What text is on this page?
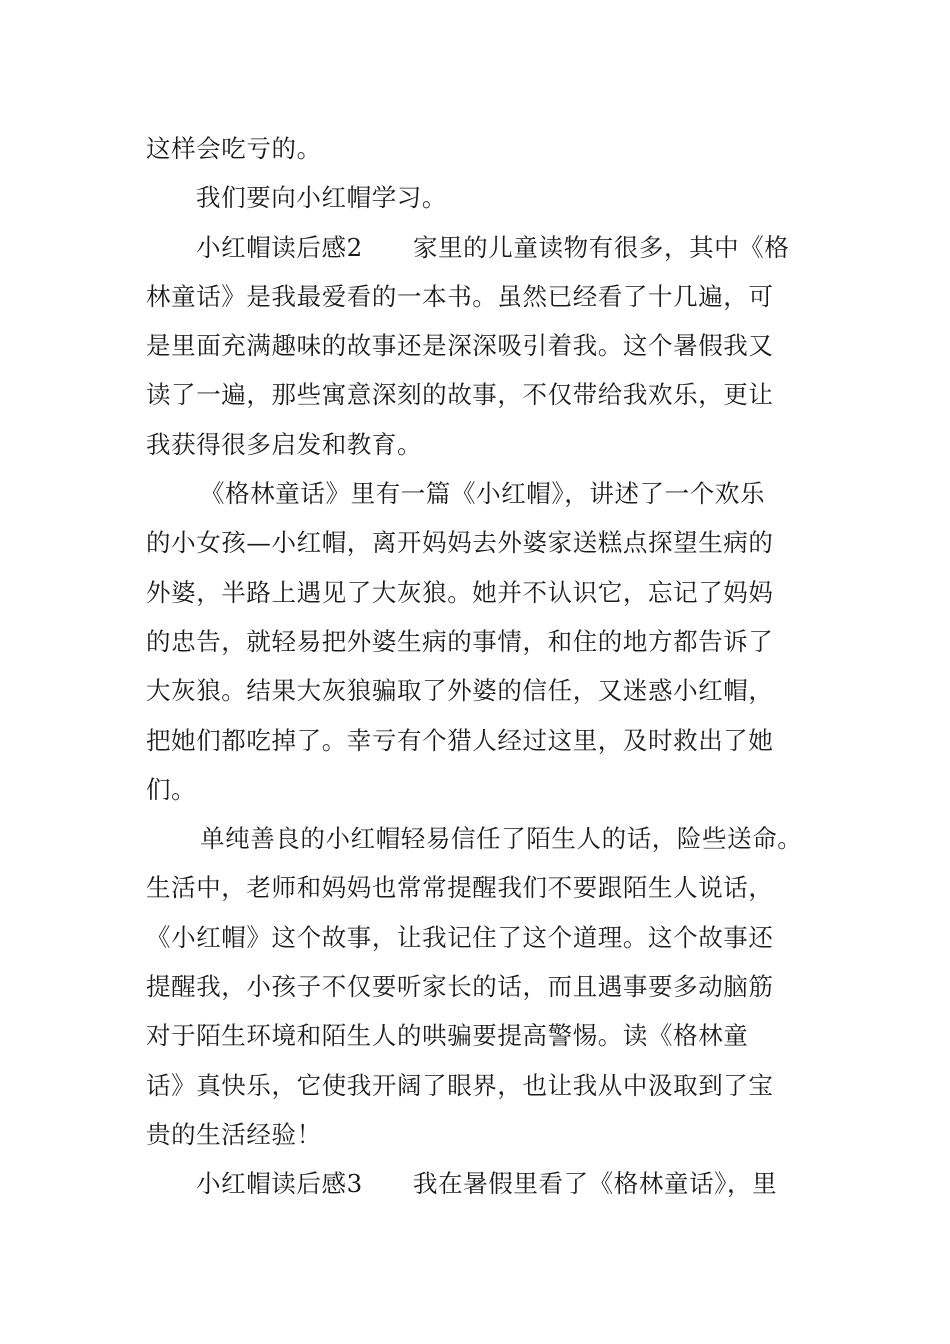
这样会吃亏的。
我们要向小红帽学习。
小红帽读后感2　　家里的儿童读物有很多，其中《格
林童话》是我最爱看的一本书。虽然已经看了十几遍，可
是里面充满趣味的故事还是深深吸引着我。这个暑假我又
读了一遍，那些寓意深刻的故事，不仅带给我欢乐，更让
我获得很多启发和教育。
《格林童话》里有一篇《小红帽》，讲述了一个欢乐
的小女孩—小红帽，离开妈妈去外婆家送糕点探望生病的
外婆，半路上遇见了大灰狼。她并不认识它，忘记了妈妈
的忠告，就轻易把外婆生病的事情，和住的地方都告诉了
大灰狼。结果大灰狼骗取了外婆的信任，又迷惑小红帽，
把她们都吃掉了。幸亏有个猎人经过这里，及时救出了她
们。
单纯善良的小红帽轻易信任了陌生人的话，险些送命。
生活中，老师和妈妈也常常提醒我们不要跟陌生人说话，
《小红帽》这个故事，让我记住了这个道理。这个故事还
提醒我，小孩子不仅要听家长的话，而且遇事要多动脑筋
对于陌生环境和陌生人的哄骗要提高警惕。读《格林童
话》真快乐，它使我开阔了眼界，也让我从中汲取到了宝
贵的生活经验！
小红帽读后感3　　我在暑假里看了《格林童话》，里
